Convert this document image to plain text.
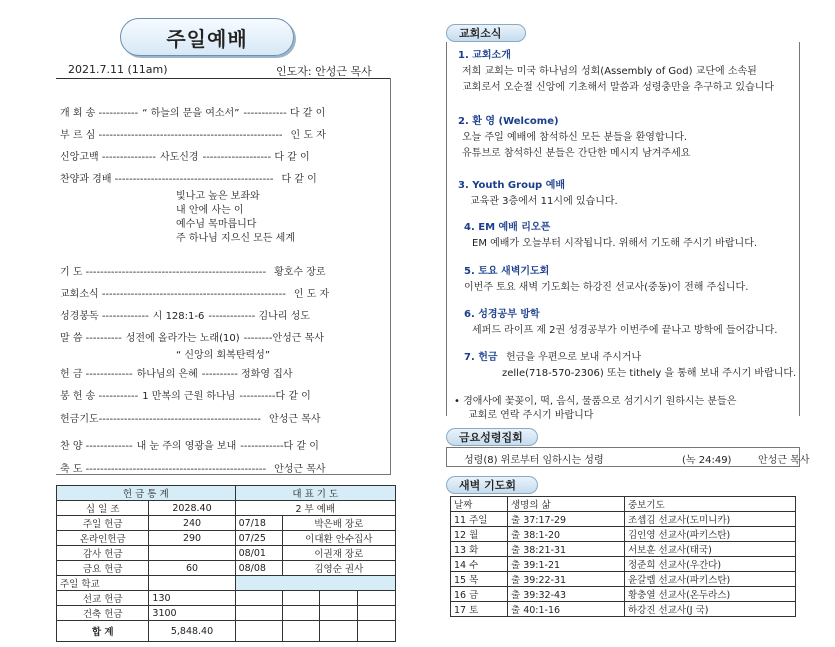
주일예배
2021.7.11 (11am)	인도자: 안성근 목사
개 회 송 ----------- “ 하늘의 문을 여소서” ------------ 다 같 이
부 르 심 --------------------------------------------------- 인 도 자
신앙고백 --------------- 사도신경 ------------------- 다 같 이
찬양과 경배 -------------------------------------------- 다 같 이
기 도 -------------------------------------------------- 황호수 장로
교회소식 --------------------------------------------------- 인 도 자
성경봉독 ------------- 시 128:1-6 ------------- 김나리 성도
말 씀 ---------- 성전에 올라가는 노래(10) --------안성근 목사
헌 금 ------------- 하나님의 은혜 ---------- 정화영 집사
봉 헌 송 ----------- 1 만복의 근원 하나님 ----------다 같 이
헌금기도--------------------------------------------- 안성근 목사
찬 양 ------------- 내 눈 주의 영광을 보내 ------------다 같 이
축 도 -------------------------------------------------- 안성근 목사
빛나고 높은 보좌와
내 안에 사는 이
예수님 목마릅니다
주 하나님 지으신 모든 세계
“ 신앙의 회복탄력성”
헌 금 통 계		대 표 기 도			
십 일 조	2028.40	2 부 예배			
주일 헌금	240	07/18	박은배 장로		
온라인헌금	290	07/25	이대환 안수집사		
감사 헌금		08/01	이권재 장로		
금요 헌금	60	08/08	김영순 권사		
주일 학교					
선교 헌금	130				
건축 헌금	3100				
합 계	5,848.40				
교회소식
1. 교회소개
저희 교회는 미국 하나님의 성회(Assembly of God) 교단에 소속된
교회로서 오순절 신앙에 기초해서 말씀과 성령충만을 추구하고 있습니다
2. 환 영 (Welcome)
오늘 주일 예배에 참석하신 모든 분들을 환영합니다.
유튜브로 참석하신 분들은 간단한 메시지 남겨주세요
3. Youth Group 예배
교육관 3층에서 11시에 있습니다.
4. EM 예배 리오픈
EM 예배가 오늘부터 시작됩니다. 위해서 기도해 주시기 바랍니다.
5. 토요 새벽기도회
이번주 토요 새벽 기도회는 하강진 선교사(중동)이 전해 주십니다.
6. 성경공부 방학
세퍼드 라이프 제 2권 성경공부가 이번주에 끝나고 방학에 들어갑니다.
7. 헌금 헌금을 우편으로 보내 주시거나
zelle(718-570-2306) 또는 tithely 을 통해 보내 주시기 바랍니다.
• 경애사에 꽃꽂이, 떡, 음식, 물품으로 섬기시기 원하시는 분들은
교회로 연락 주시기 바랍니다
금요성령집회
성령(8) 위로부터 임하시는 성령	(녹 24:49)	안성근 목사
새벽 기도회
날짜	생명의 삶	중보기도
11 주일	출 37:17-29	조셉김 선교사(도미니카)
12 월	출 38:1-20	김인영 선교사(파키스탄)
13 화	출 38:21-31	서보훈 선교사(태국)
14 수	출 39:1-21	정준희 선교사(우간다)
15 목	출 39:22-31	윤갈렙 선교사(파키스탄)
16 금	출 39:32-43	황충열 선교사(온두라스)
17 토	출 40:1-16	하강진 선교사(J 국)
